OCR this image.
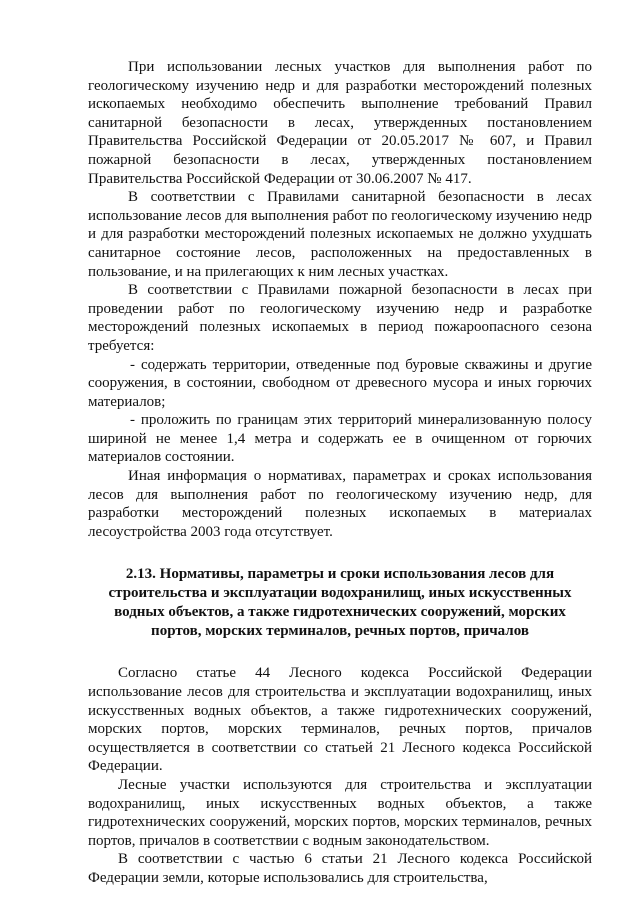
При использовании лесных участков для выполнения работ по геологическому изучению недр и для разработки месторождений полезных ископаемых необходимо обеспечить выполнение требований Правил санитарной безопасности в лесах, утвержденных постановлением Правительства Российской Федерации от 20.05.2017 № 607, и Правил пожарной безопасности в лесах, утвержденных постановлением Правительства Российской Федерации от 30.06.2007 № 417.

В соответствии с Правилами санитарной безопасности в лесах использование лесов для выполнения работ по геологическому изучению недр и для разработки месторождений полезных ископаемых не должно ухудшать санитарное состояние лесов, расположенных на предоставленных в пользование, и на прилегающих к ним лесных участках.

В соответствии с Правилами пожарной безопасности в лесах при проведении работ по геологическому изучению недр и разработке месторождений полезных ископаемых в период пожароопасного сезона требуется:

- содержать территории, отведенные под буровые скважины и другие сооружения, в состоянии, свободном от древесного мусора и иных горючих материалов;

- проложить по границам этих территорий минерализованную полосу шириной не менее 1,4 метра и содержать ее в очищенном от горючих материалов состоянии.

Иная информация о нормативах, параметрах и сроках использования лесов для выполнения работ по геологическому изучению недр, для разработки месторождений полезных ископаемых в материалах лесоустройства 2003 года отсутствует.

2.13. Нормативы, параметры и сроки использования лесов для строительства и эксплуатации водохранилищ, иных искусственных водных объектов, а также гидротехнических сооружений, морских портов, морских терминалов, речных портов, причалов

Согласно статье 44 Лесного кодекса Российской Федерации использование лесов для строительства и эксплуатации водохранилищ, иных искусственных водных объектов, а также гидротехнических сооружений, морских портов, морских терминалов, речных портов, причалов осуществляется в соответствии со статьей 21 Лесного кодекса Российской Федерации.

Лесные участки используются для строительства и эксплуатации водохранилищ, иных искусственных водных объектов, а также гидротехнических сооружений, морских портов, морских терминалов, речных портов, причалов в соответствии с водным законодательством.

В соответствии с частью 6 статьи 21 Лесного кодекса Российской Федерации земли, которые использовались для строительства,
